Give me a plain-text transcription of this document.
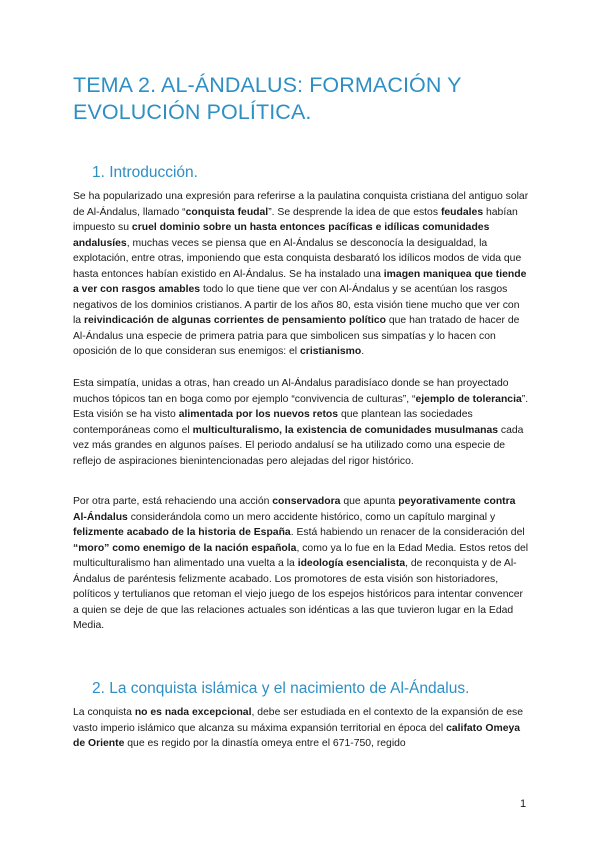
TEMA 2. AL-ÁNDALUS: FORMACIÓN Y EVOLUCIÓN POLÍTICA.
1. Introducción.

Se ha popularizado una expresión para referirse a la paulatina conquista cristiana del antiguo solar de Al-Ándalus, llamado “conquista feudal”. Se desprende la idea de que estos feudales habían impuesto su cruel dominio sobre un hasta entonces pacíficas e idílicas comunidades andalusíes, muchas veces se piensa que en Al-Ándalus se desconocía la desigualdad, la explotación, entre otras, imponiendo que esta conquista desbarató los idílicos modos de vida que hasta entonces habían existido en Al-Ándalus. Se ha instalado una imagen maniquea que tiende a ver con rasgos amables todo lo que tiene que ver con Al-Ándalus y se acentúan los rasgos negativos de los dominios cristianos. A partir de los años 80, esta visión tiene mucho que ver con la reivindicación de algunas corrientes de pensamiento político que han tratado de hacer de Al-Ándalus una especie de primera patria para que simbolicen sus simpatías y lo hacen con oposición de lo que consideran sus enemigos: el cristianismo.

Esta simpatía, unidas a otras, han creado un Al-Ándalus paradisíaco donde se han proyectado muchos tópicos tan en boga como por ejemplo “convivencia de culturas”, “ejemplo de tolerancia”. Esta visión se ha visto alimentada por los nuevos retos que plantean las sociedades contemporáneas como el multiculturalismo, la existencia de comunidades musulmanas cada vez más grandes en algunos países. El periodo andalusí se ha utilizado como una especie de reflejo de aspiraciones bienintencionadas pero alejadas del rigor histórico.

Por otra parte, está rehaciendo una acción conservadora que apunta peyorativamente contra Al-Ándalus considerándola como un mero accidente histórico, como un capítulo marginal y felizmente acabado de la historia de España. Está habiendo un renacer de la consideración del “moro” como enemigo de la nación española, como ya lo fue en la Edad Media. Estos retos del multiculturalismo han alimentado una vuelta a la ideología esencialista, de reconquista y de Al-Ándalus de paréntesis felizmente acabado. Los promotores de esta visión son historiadores, políticos y tertulianos que retoman el viejo juego de los espejos históricos para intentar convencer a quien se deje de que las relaciones actuales son idénticas a las que tuvieron lugar en la Edad Media.

2. La conquista islámica y el nacimiento de Al-Ándalus.

La conquista no es nada excepcional, debe ser estudiada en el contexto de la expansión de ese vasto imperio islámico que alcanza su máxima expansión territorial en época del califato Omeya de Oriente que es regido por la dinastía omeya entre el 671-750, regido

1
